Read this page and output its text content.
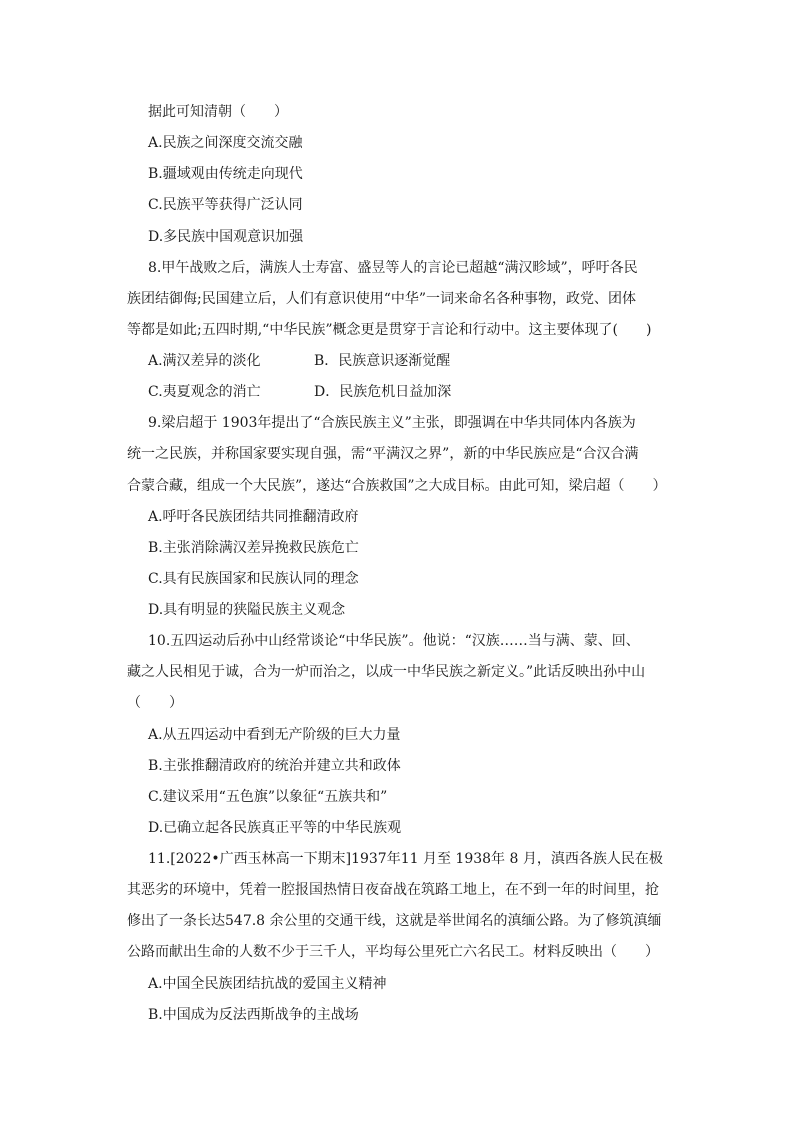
据此可知清朝（　　）
A.民族之间深度交流交融
B.疆域观由传统走向现代
C.民族平等获得广泛认同
D.多民族中国观意识加强
8.甲午战败之后，满族人士寿富、盛昱等人的言论已超越“满汉畛域”，呼吁各民
族团结御侮;民国建立后，人们有意识使用“中华”一词来命名各种事物，政党、团体
等都是如此;五四时期,“中华民族”概念更是贯穿于言论和行动中。这主要体现了(　　)
A.满汉差异的淡化	B．民族意识逐渐觉醒
C.夷夏观念的消亡	D．民族危机日益加深
9.梁启超于 1903年提出了“合族民族主义”主张，即强调在中华共同体内各族为
统一之民族，并称国家要实现自强，需“平满汉之界”，新的中华民族应是“合汉合满
合蒙合藏，组成一个大民族”，遂达“合族救国”之大成目标。由此可知，梁启超（　　）
A.呼吁各民族团结共同推翻清政府
B.主张消除满汉差异挽救民族危亡
C.具有民族国家和民族认同的理念
D.具有明显的狭隘民族主义观念
10.五四运动后孙中山经常谈论“中华民族”。他说：“汉族……当与满、蒙、回、
藏之人民相见于诚，合为一炉而治之，以成一中华民族之新定义。”此话反映出孙中山
（　　）
A.从五四运动中看到无产阶级的巨大力量
B.主张推翻清政府的统治并建立共和政体
C.建议采用“五色旗”以象征“五族共和”
D.已确立起各民族真正平等的中华民族观
11.[2022•广西玉林高一下期末]1937年11 月至 1938年 8 月，滇西各族人民在极
其恶劣的环境中，凭着一腔报国热情日夜奋战在筑路工地上，在不到一年的时间里，抢
修出了一条长达547.8 余公里的交通干线，这就是举世闻名的滇缅公路。为了修筑滇缅
公路而献出生命的人数不少于三千人，平均每公里死亡六名民工。材料反映出（　　）
A.中国全民族团结抗战的爱国主义精神
B.中国成为反法西斯战争的主战场
